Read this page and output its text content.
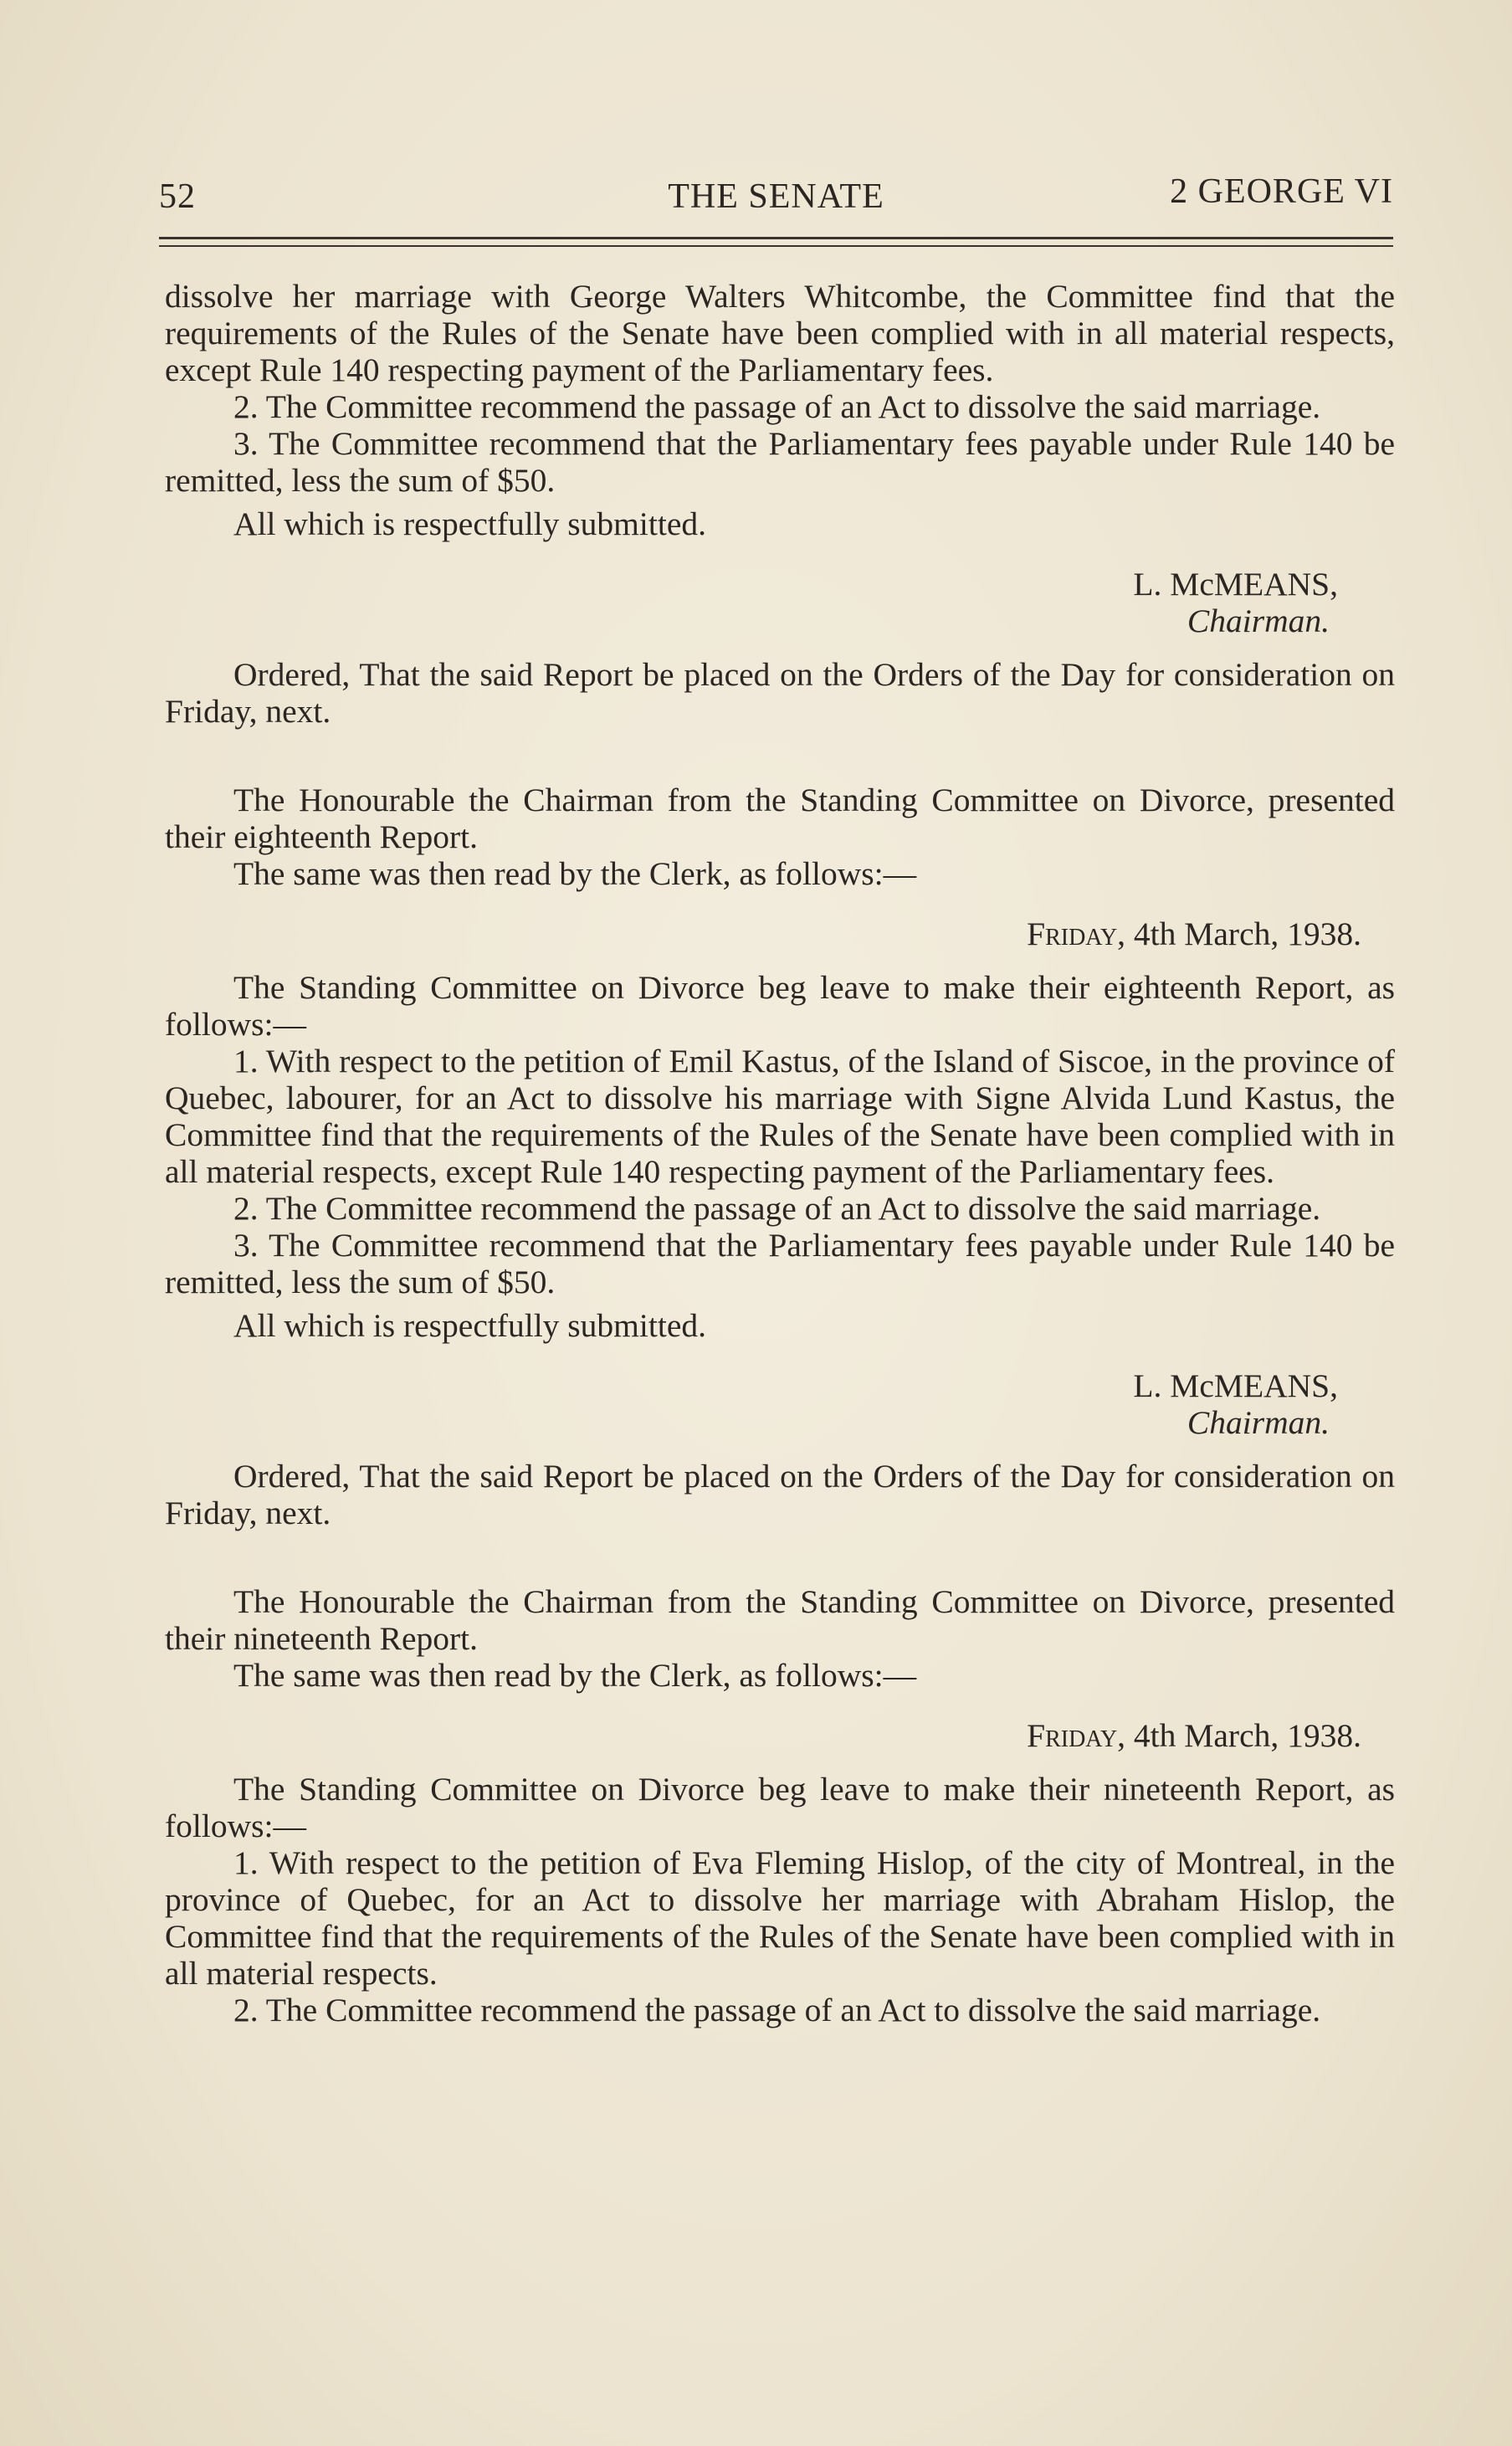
52	THE SENATE	2 GEORGE VI

dissolve her marriage with George Walters Whitcombe, the Committee find that the requirements of the Rules of the Senate have been complied with in all material respects, except Rule 140 respecting payment of the Parliamentary fees.

2. The Committee recommend the passage of an Act to dissolve the said marriage.

3. The Committee recommend that the Parliamentary fees payable under Rule 140 be remitted, less the sum of $50.

All which is respectfully submitted.

L. McMEANS,

Chairman.

Ordered, That the said Report be placed on the Orders of the Day for consideration on Friday, next.

The Honourable the Chairman from the Standing Committee on Divorce, presented their eighteenth Report.

The same was then read by the Clerk, as follows:—

Friday, 4th March, 1938.

The Standing Committee on Divorce beg leave to make their eighteenth Report, as follows:—

1. With respect to the petition of Emil Kastus, of the Island of Siscoe, in the province of Quebec, labourer, for an Act to dissolve his marriage with Signe Alvida Lund Kastus, the Committee find that the requirements of the Rules of the Senate have been complied with in all material respects, except Rule 140 respecting payment of the Parliamentary fees.

2. The Committee recommend the passage of an Act to dissolve the said marriage.

3. The Committee recommend that the Parliamentary fees payable under Rule 140 be remitted, less the sum of $50.

All which is respectfully submitted.

L. McMEANS,

Chairman.

Ordered, That the said Report be placed on the Orders of the Day for consideration on Friday, next.

The Honourable the Chairman from the Standing Committee on Divorce, presented their nineteenth Report.

The same was then read by the Clerk, as follows:—

Friday, 4th March, 1938.

The Standing Committee on Divorce beg leave to make their nineteenth Report, as follows:—

1. With respect to the petition of Eva Fleming Hislop, of the city of Montreal, in the province of Quebec, for an Act to dissolve her marriage with Abraham Hislop, the Committee find that the requirements of the Rules of the Senate have been complied with in all material respects.

2. The Committee recommend the passage of an Act to dissolve the said marriage.
